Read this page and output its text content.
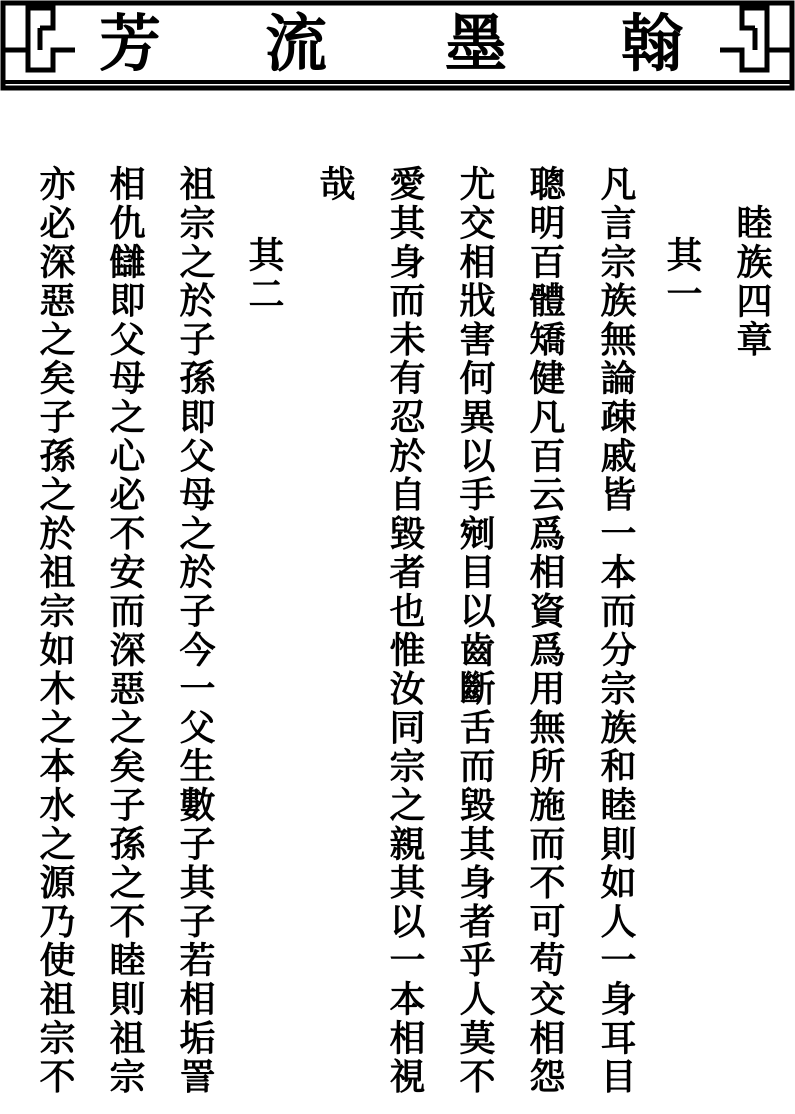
翰
墨
流
芳
睦族四章
其一
凡言宗族無論疎戚皆一本而分宗族和睦則如人一身耳目
聰明百體矯健凡百云爲相資爲用無所施而不可苟交相怨
尤交相戕害何異以手剜目以齒斷舌而毀其身者乎人莫不
愛其身而未有忍於自毀者也惟汝同宗之親其以一本相視
哉
其二
祖宗之於子孫即父母之於子今一父生數子其子若相垢詈
相仇讎即父母之心必不安而深惡之矣子孫之不睦則祖宗
亦必深惡之矣子孫之於祖宗如木之本水之源乃使祖宗不
